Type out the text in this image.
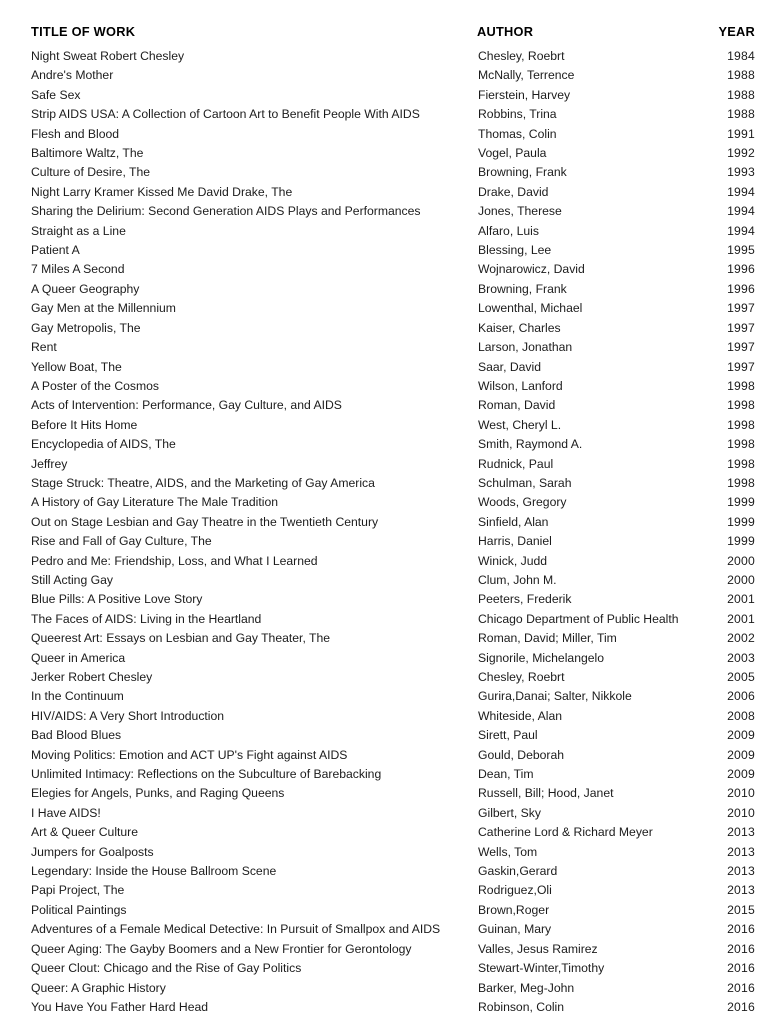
TITLE OF WORK	AUTHOR	YEAR
Night Sweat Robert Chesley	Chesley, Roebrt	1984
Andre's Mother	McNally, Terrence	1988
Safe Sex	Fierstein, Harvey	1988
Strip AIDS USA: A Collection of Cartoon Art to Benefit People With AIDS	Robbins, Trina	1988
Flesh and Blood	Thomas, Colin	1991
Baltimore Waltz, The	Vogel, Paula	1992
Culture of Desire, The	Browning, Frank	1993
Night Larry Kramer Kissed Me David Drake, The	Drake, David	1994
Sharing the Delirium: Second Generation AIDS Plays and Performances	Jones, Therese	1994
Straight as a Line	Alfaro, Luis	1994
Patient A	Blessing, Lee	1995
7 Miles A Second	Wojnarowicz, David	1996
A Queer Geography	Browning, Frank	1996
Gay Men at the Millennium	Lowenthal, Michael	1997
Gay Metropolis, The	Kaiser, Charles	1997
Rent	Larson, Jonathan	1997
Yellow Boat, The	Saar, David	1997
A Poster of the Cosmos	Wilson, Lanford	1998
Acts of Intervention: Performance, Gay Culture, and AIDS	Roman, David	1998
Before It Hits Home	West, Cheryl L.	1998
Encyclopedia of AIDS, The	Smith, Raymond A.	1998
Jeffrey	Rudnick, Paul	1998
Stage Struck: Theatre, AIDS, and the Marketing of Gay America	Schulman, Sarah	1998
A History of Gay Literature The Male Tradition	Woods, Gregory	1999
Out on Stage Lesbian and Gay Theatre in the Twentieth Century	Sinfield, Alan	1999
Rise and Fall of Gay Culture, The	Harris, Daniel	1999
Pedro and Me: Friendship, Loss, and What I Learned	Winick, Judd	2000
Still Acting Gay	Clum, John M.	2000
Blue Pills: A Positive Love Story	Peeters, Frederik	2001
The Faces of AIDS: Living in the Heartland	Chicago Department of Public Health	2001
Queerest Art: Essays on Lesbian and Gay Theater, The	Roman, David; Miller, Tim	2002
Queer in America	Signorile, Michelangelo	2003
Jerker Robert Chesley	Chesley, Roebrt	2005
In the Continuum	Gurira,Danai; Salter, Nikkole	2006
HIV/AIDS: A Very Short Introduction	Whiteside, Alan	2008
Bad Blood Blues	Sirett, Paul	2009
Moving Politics: Emotion and ACT UP's Fight against AIDS	Gould, Deborah	2009
Unlimited Intimacy: Reflections on the Subculture of Barebacking	Dean, Tim	2009
Elegies for Angels, Punks, and Raging Queens	Russell, Bill; Hood, Janet	2010
I Have AIDS!	Gilbert, Sky	2010
Art & Queer Culture	Catherine Lord & Richard Meyer	2013
Jumpers for Goalposts	Wells, Tom	2013
Legendary: Inside the House Ballroom Scene	Gaskin,Gerard	2013
Papi Project, The	Rodriguez,Oli	2013
Political Paintings	Brown,Roger	2015
Adventures of a Female Medical Detective: In Pursuit of Smallpox and AIDS	Guinan, Mary	2016
Queer Aging: The Gayby Boomers and a New Frontier for Gerontology	Valles, Jesus Ramirez	2016
Queer Clout: Chicago and the Rise of Gay Politics	Stewart-Winter,Timothy	2016
Queer: A Graphic History	Barker, Meg-John	2016
You Have You Father Hard Head	Robinson, Colin	2016
